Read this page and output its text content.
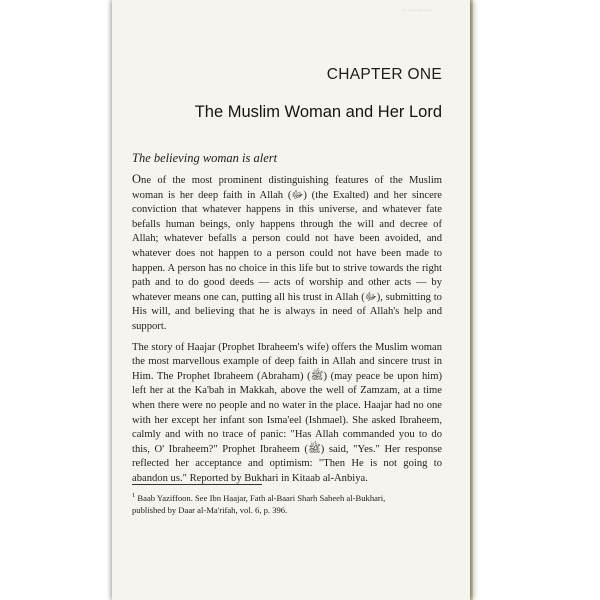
~~~~~~
CHAPTER ONE
The Muslim Woman and Her Lord
The believing woman is alert

One of the most prominent distinguishing features of the Muslim woman is her deep faith in Allah (ﷻ) (the Exalted) and her sincere conviction that whatever happens in this universe, and whatever fate befalls human beings, only happens through the will and decree of Allah; whatever befalls a person could not have been avoided, and whatever does not happen to a person could not have been made to happen. A person has no choice in this life but to strive towards the right path and to do good deeds — acts of worship and other acts — by whatever means one can, putting all his trust in Allah (ﷻ), submitting to His will, and believing that he is always in need of Allah's help and support.

The story of Haajar (Prophet Ibraheem's wife) offers the Muslim woman the most marvellous example of deep faith in Allah and sincere trust in Him. The Prophet Ibraheem (Abraham) (ﷺ) (may peace be upon him) left her at the Ka'bah in Makkah, above the well of Zamzam, at a time when there were no people and no water in the place. Haajar had no one with her except her infant son Isma'eel (Ishmael). She asked Ibraheem, calmly and with no trace of panic: "Has Allah commanded you to do this, O' Ibraheem?" Prophet Ibraheem (ﷺ) said, "Yes." Her response reflected her acceptance and optimism: "Then He is not going to abandon us." Reported by Bukhari in Kitaab al-Anbiya.

$^1$ Baab Yaziffoon. See Ibn Haajar, Fath al-Baari Sharh Saheeh al-Bukhari,
published by Daar al-Ma'rifah, vol. 6, p. 396.
